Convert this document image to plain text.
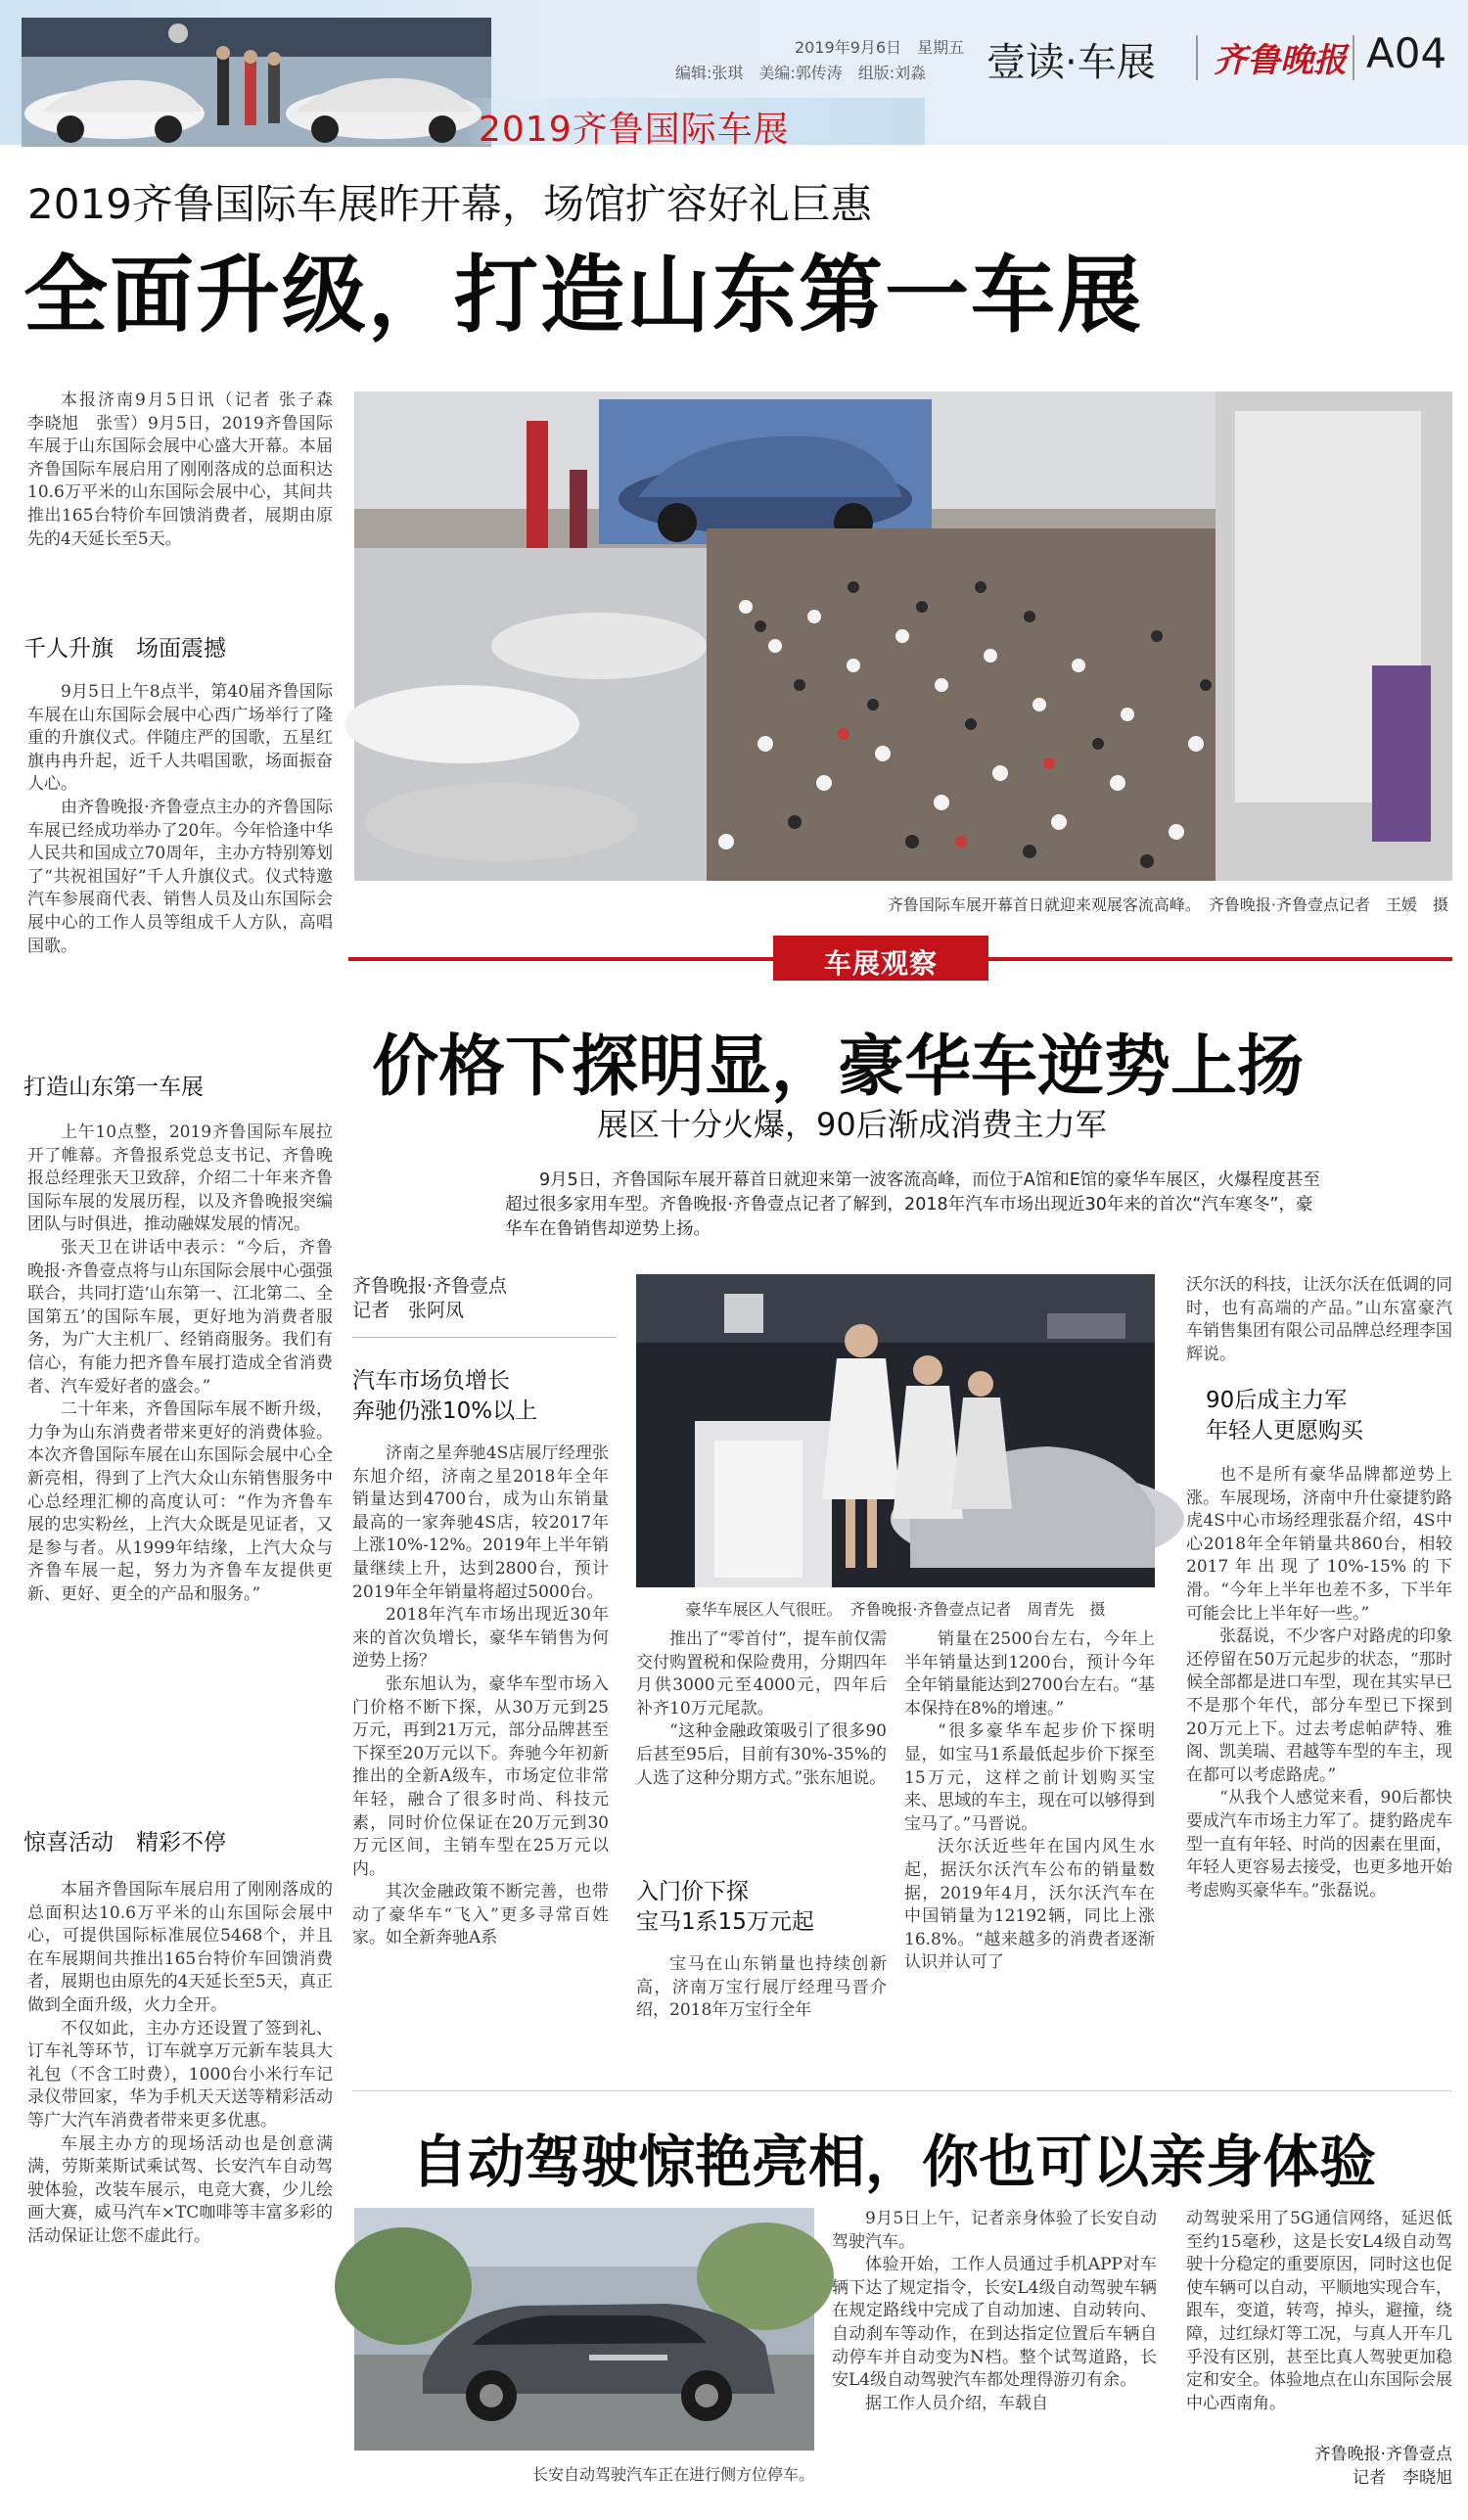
2019齐鲁国际车展
2019年9月6日　星期五
编辑:张琪　美编:郭传涛　组版:刘淼 壹读·车展 齐鲁晚报 A04
2019齐鲁国际车展昨开幕，场馆扩容好礼巨惠
全面升级，打造山东第一车展
本报济南9月5日讯（记者 张子森　李晓旭　张雪）9月5日，2019齐鲁国际车展于山东国际会展中心盛大开幕。本届齐鲁国际车展启用了刚刚落成的总面积达10.6万平米的山东国际会展中心，其间共推出165台特价车回馈消费者，展期由原先的4天延长至5天。
千人升旗　场面震撼

9月5日上午8点半，第40届齐鲁国际车展在山东国际会展中心西广场举行了隆重的升旗仪式。伴随庄严的国歌，五星红旗冉冉升起，近千人共唱国歌，场面振奋人心。

由齐鲁晚报·齐鲁壹点主办的齐鲁国际车展已经成功举办了20年。今年恰逢中华人民共和国成立70周年，主办方特别筹划了“共祝祖国好”千人升旗仪式。仪式特邀汽车参展商代表、销售人员及山东国际会展中心的工作人员等组成千人方队，高唱国歌。

打造山东第一车展

上午10点整，2019齐鲁国际车展拉开了帷幕。齐鲁报系党总支书记、齐鲁晚报总经理张天卫致辞，介绍二十年来齐鲁国际车展的发展历程，以及齐鲁晚报突编团队与时俱进，推动融媒发展的情况。

张天卫在讲话中表示：“今后，齐鲁晚报·齐鲁壹点将与山东国际会展中心强强联合，共同打造‘山东第一、江北第二、全国第五’的国际车展，更好地为消费者服务，为广大主机厂、经销商服务。我们有信心，有能力把齐鲁车展打造成全省消费者、汽车爱好者的盛会。”

二十年来，齐鲁国际车展不断升级，力争为山东消费者带来更好的消费体验。本次齐鲁国际车展在山东国际会展中心全新亮相，得到了上汽大众山东销售服务中心总经理汇柳的高度认可：“作为齐鲁车展的忠实粉丝，上汽大众既是见证者，又是参与者。从1999年结缘，上汽大众与齐鲁车展一起，努力为齐鲁车友提供更新、更好、更全的产品和服务。”

惊喜活动　精彩不停

本届齐鲁国际车展启用了刚刚落成的总面积达10.6万平米的山东国际会展中心，可提供国际标准展位5468个，并且在车展期间共推出165台特价车回馈消费者，展期也由原先的4天延长至5天，真正做到全面升级，火力全开。

不仅如此，主办方还设置了签到礼、订车礼等环节，订车就享万元新车装具大礼包（不含工时费），1000台小米行车记录仪带回家，华为手机天天送等精彩活动等广大汽车消费者带来更多优惠。

车展主办方的现场活动也是创意满满，劳斯莱斯试乘试驾、长安汽车自动驾驶体验，改装车展示，电竞大赛，少儿绘画大赛，威马汽车×TC咖啡等丰富多彩的活动保证让您不虚此行。

齐鲁国际车展开幕首日就迎来观展客流高峰。　齐鲁晚报·齐鲁壹点记者　王媛　摄
车展观察
价格下探明显，豪华车逆势上扬
展区十分火爆，90后渐成消费主力军
9月5日，齐鲁国际车展开幕首日就迎来第一波客流高峰，而位于A馆和E馆的豪华车展区，火爆程度甚至超过很多家用车型。齐鲁晚报·齐鲁壹点记者了解到，2018年汽车市场出现近30年来的首次“汽车寒冬”，豪华车在鲁销售却逆势上扬。
齐鲁晚报·齐鲁壹点
记者　张阿凤
汽车市场负增长
奔驰仍涨10%以上

济南之星奔驰4S店展厅经理张东旭介绍，济南之星2018年全年销量达到4700台，成为山东销量最高的一家奔驰4S店，较2017年上涨10%-12%。2019年上半年销量继续上升，达到2800台，预计2019年全年销量将超过5000台。

2018年汽车市场出现近30年来的首次负增长，豪华车销售为何逆势上扬？

张东旭认为，豪华车型市场入门价格不断下探，从30万元到25万元，再到21万元，部分品牌甚至下探至20万元以下。奔驰今年初新推出的全新A级车，市场定位非常年轻，融合了很多时尚、科技元素，同时价位保证在20万元到30万元区间，主销车型在25万元以内。

其次金融政策不断完善，也带动了豪华车“飞入”更多寻常百姓家。如全新奔驰A系

豪华车展区人气很旺。　齐鲁晚报·齐鲁壹点记者　周青先　摄

推出了“零首付”，提车前仅需交付购置税和保险费用，分期四年月供3000元至4000元，四年后补齐10万元尾款。

“这种金融政策吸引了很多90后甚至95后，目前有30%-35%的人选了这种分期方式。”张东旭说。

入门价下探
宝马1系15万元起

宝马在山东销量也持续创新高，济南万宝行展厅经理马晋介绍，2018年万宝行全年

销量在2500台左右，今年上半年销量达到1200台，预计今年全年销量能达到2700台左右。“基本保持在8%的增速。”

“很多豪华车起步价下探明显，如宝马1系最低起步价下探至15万元，这样之前计划购买宝来、思域的车主，现在可以够得到宝马了。”马晋说。

沃尔沃近些年在国内风生水起，据沃尔沃汽车公布的销量数据，2019年4月，沃尔沃汽车在中国销量为12192辆，同比上涨16.8%。“越来越多的消费者逐渐认识并认可了

沃尔沃的科技，让沃尔沃在低调的同时，也有高端的产品。”山东富豪汽车销售集团有限公司品牌总经理李国辉说。

90后成主力军
年轻人更愿购买

也不是所有豪华品牌都逆势上涨。车展现场，济南中升仕豪捷豹路虎4S中心市场经理张磊介绍，4S中心2018年全年销量共860台，相较2017年出现了10%-15%的下滑。“今年上半年也差不多，下半年可能会比上半年好一些。”

张磊说，不少客户对路虎的印象还停留在50万元起步的状态，“那时候全部都是进口车型，现在其实早已不是那个年代，部分车型已下探到20万元上下。过去考虑帕萨特、雅阁、凯美瑞、君越等车型的车主，现在都可以考虑路虎。”

“从我个人感觉来看，90后都快要成汽车市场主力军了。捷豹路虎车型一直有年轻、时尚的因素在里面，年轻人更容易去接受，也更多地开始考虑购买豪华车。”张磊说。

自动驾驶惊艳亮相，你也可以亲身体验
长安自动驾驶汽车正在进行侧方位停车。

9月5日上午，记者亲身体验了长安自动驾驶汽车。

体验开始，工作人员通过手机APP对车辆下达了规定指令，长安L4级自动驾驶车辆在规定路线中完成了自动加速、自动转向、自动刹车等动作，在到达指定位置后车辆自动停车并自动变为N档。整个试驾道路，长安L4级自动驾驶汽车都处理得游刃有余。

据工作人员介绍，车载自

动驾驶采用了5G通信网络，延迟低至约15毫秒，这是长安L4级自动驾驶十分稳定的重要原因，同时这也促使车辆可以自动，平顺地实现合车，跟车，变道，转弯，掉头，避撞，绕障，过红绿灯等工况，与真人开车几乎没有区别，甚至比真人驾驶更加稳定和安全。体验地点在山东国际会展中心西南角。

齐鲁晚报·齐鲁壹点
记者　李晓旭
